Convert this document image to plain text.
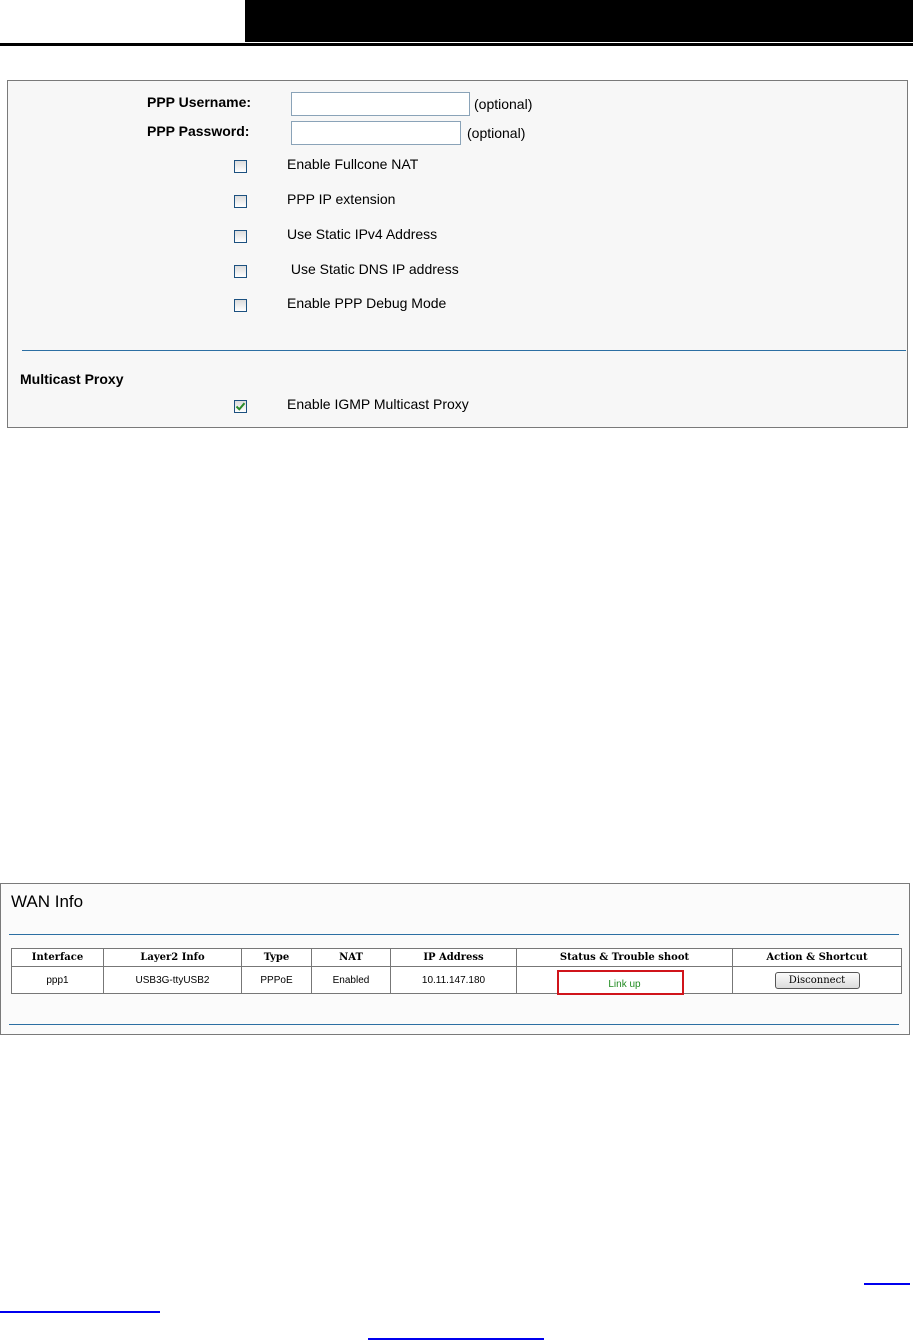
PPP Username:	(optional)
PPP Password:	(optional)
Enable Fullcone NAT
PPP IP extension
Use Static IPv4 Address
Use Static DNS IP address
Enable PPP Debug Mode
Multicast Proxy
Enable IGMP Multicast Proxy
WAN Info
Interface	Layer2 Info	Type	NAT	IP Address	Status & Trouble shoot	Action & Shortcut
ppp1	USB3G-ttyUSB2	PPPoE	Enabled	10.11.147.180	Link up	Disconnect
